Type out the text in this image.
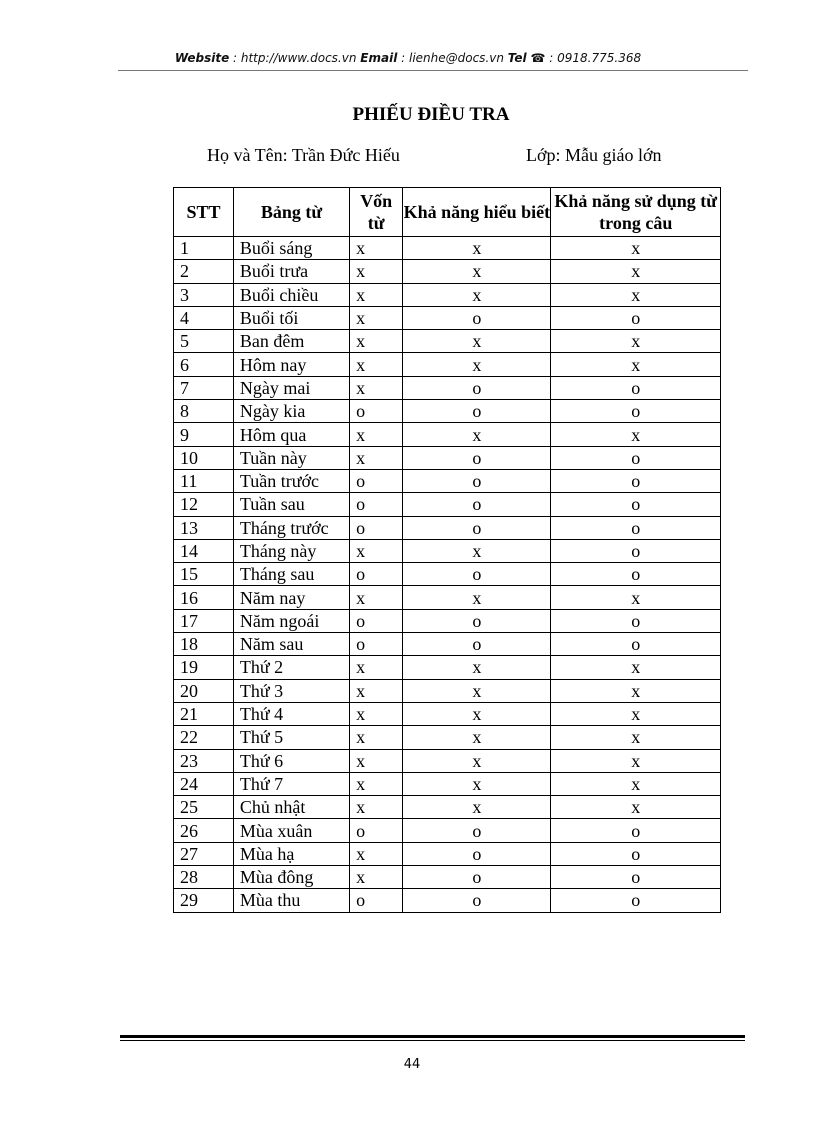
Website : http://www.docs.vn Email : lienhe@docs.vn Tel ☎ : 0918.775.368
PHIẾU ĐIỀU TRA
Họ và Tên: Trần Đức Hiếu	Lớp: Mẫu giáo lớn
STT	Bảng từ	Vốn từ	Khả năng hiểu biết	Khả năng sử dụng từ trong câu
1	Buổi sáng	x	x	x
2	Buổi trưa	x	x	x
3	Buổi chiều	x	x	x
4	Buổi tối	x	o	o
5	Ban đêm	x	x	x
6	Hôm nay	x	x	x
7	Ngày mai	x	o	o
8	Ngày kia	o	o	o
9	Hôm qua	x	x	x
10	Tuần này	x	o	o
11	Tuần trước	o	o	o
12	Tuần sau	o	o	o
13	Tháng trước	o	o	o
14	Tháng này	x	x	o
15	Tháng sau	o	o	o
16	Năm nay	x	x	x
17	Năm ngoái	o	o	o
18	Năm sau	o	o	o
19	Thứ 2	x	x	x
20	Thứ 3	x	x	x
21	Thứ 4	x	x	x
22	Thứ 5	x	x	x
23	Thứ 6	x	x	x
24	Thứ 7	x	x	x
25	Chủ nhật	x	x	x
26	Mùa xuân	o	o	o
27	Mùa hạ	x	o	o
28	Mùa đông	x	o	o
29	Mùa thu	o	o	o
44
